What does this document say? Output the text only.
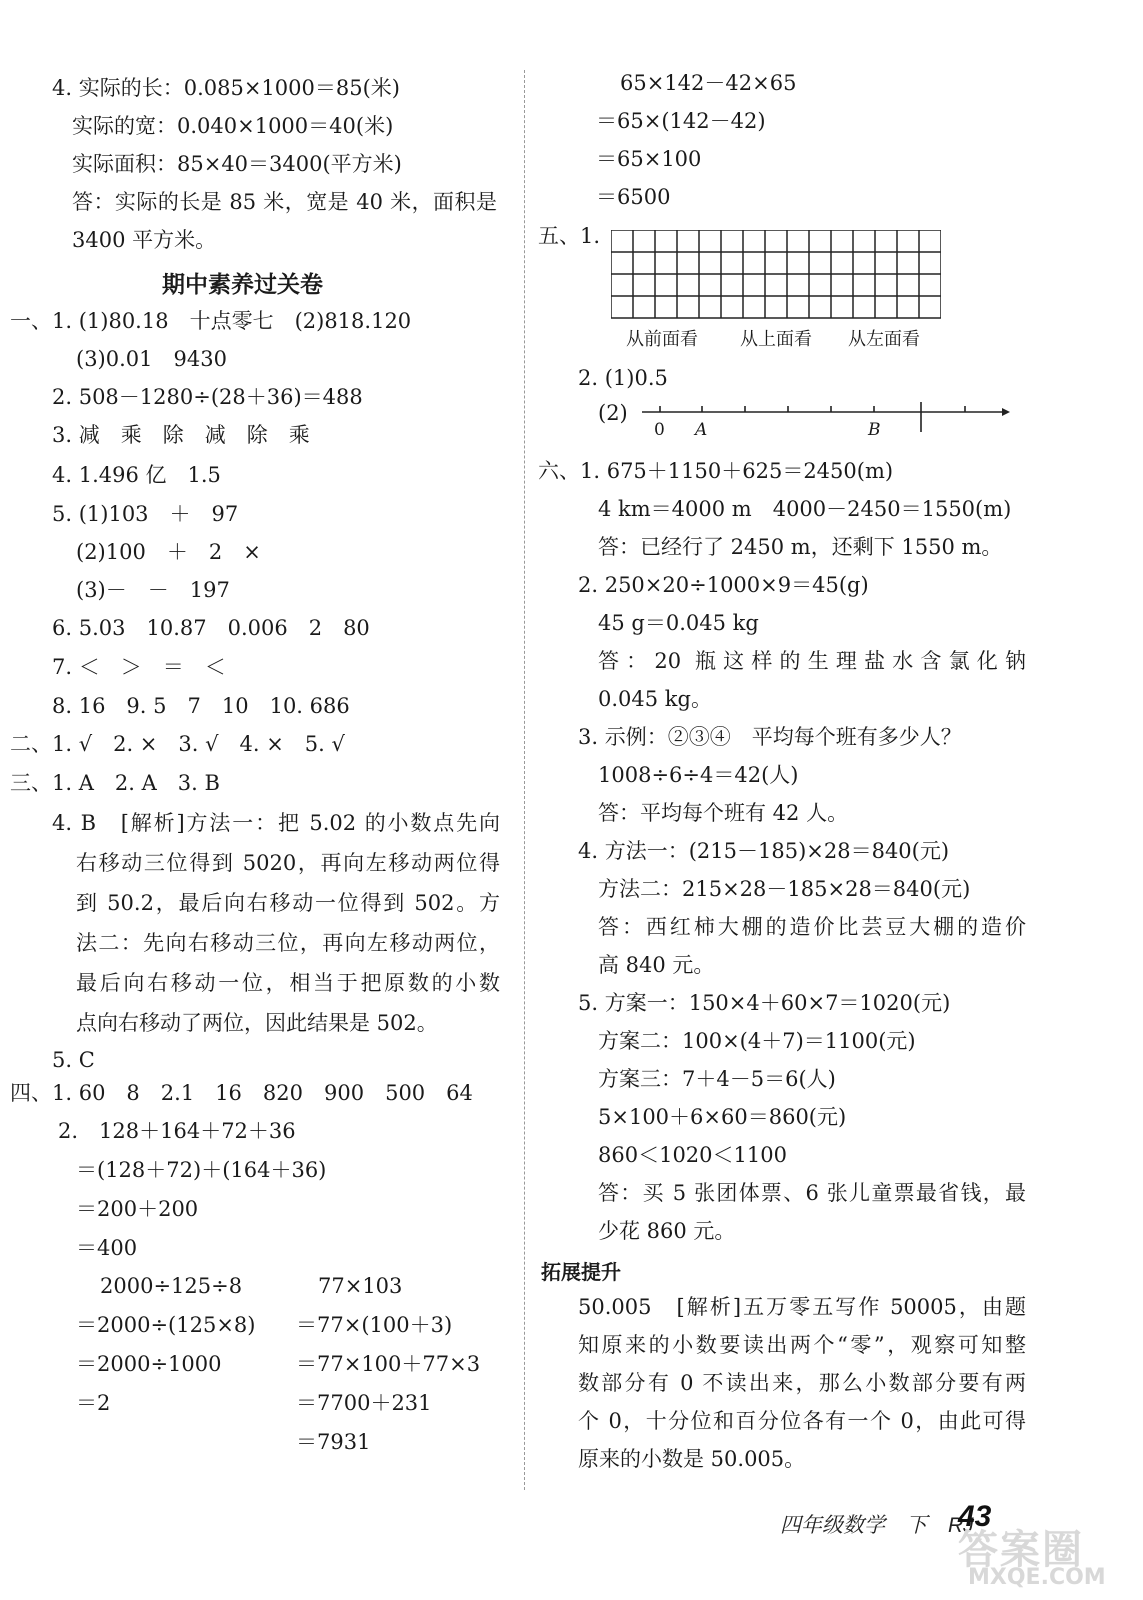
4. 实际的长：0.085×1000＝85(米)
实际的宽：0.040×1000＝40(米)
实际面积：85×40＝3400(平方米)
答：实际的长是 85 米，宽是 40 米，面积是
3400 平方米。
期中素养过关卷
一、1. (1)80.18　十点零七　(2)818.120
(3)0.01　9430
2. 508－1280÷(28＋36)＝488
3. 减　乘　除　减　除　乘
4. 1.496 亿　1.5
5. (1)103　＋　97
(2)100　＋　2　×
(3)－　－　197
6. 5.03　10.87　0.006　2　80
7. ＜　＞　＝　＜
8. 16　9. 5　7　10　10. 686
二、1. √　2. ×　3. √　4. ×　5. √
三、1. A　2. A　3. B
4. B　[解析]方法一：把 5.02 的小数点先向
右移动三位得到 5020，再向左移动两位得
到 50.2，最后向右移动一位得到 502。方
法二：先向右移动三位，再向左移动两位，
最后向右移动一位，相当于把原数的小数
点向右移动了两位，因此结果是 502。
5. C
四、1. 60　8　2.1　16　820　900　500　64
2.　128＋164＋72＋36
＝(128＋72)＋(164＋36)
＝200＋200
＝400
2000÷125÷8
＝2000÷(125×8)
＝2000÷1000
＝2
77×103
＝77×(100＋3)
＝77×100＋77×3
＝7700＋231
＝7931
65×142－42×65
＝65×(142－42)
＝65×100
＝6500
五、1.
从前面看 从上面看 从左面看
2. (1)0.5
(2)
0 A	B
六、1. 675＋1150＋625＝2450(m)
4 km＝4000 m　4000－2450＝1550(m)
答：已经行了 2450 m，还剩下 1550 m。
2. 250×20÷1000×9＝45(g)
45 g＝0.045 kg
答：20 瓶这样的生理盐水含氯化钠
0.045 kg。
3. 示例：②③④　平均每个班有多少人？
1008÷6÷4＝42(人)
答：平均每个班有 42 人。
4. 方法一：(215－185)×28＝840(元)
方法二：215×28－185×28＝840(元)
答：西红柿大棚的造价比芸豆大棚的造价
高 840 元。
5. 方案一：150×4＋60×7＝1020(元)
方案二：100×(4＋7)＝1100(元)
方案三：7＋4－5＝6(人)
5×100＋6×60＝860(元)
860＜1020＜1100
答：买 5 张团体票、6 张儿童票最省钱，最
少花 860 元。
拓展提升
50.005　[解析]五万零五写作 50005，由题
知原来的小数要读出两个“零”，观察可知整
数部分有 0 不读出来，那么小数部分要有两
个 0，十分位和百分位各有一个 0，由此可得
原来的小数是 50.005。
四年级数学　下　RJ
43
答案圈
MXQE.COM
